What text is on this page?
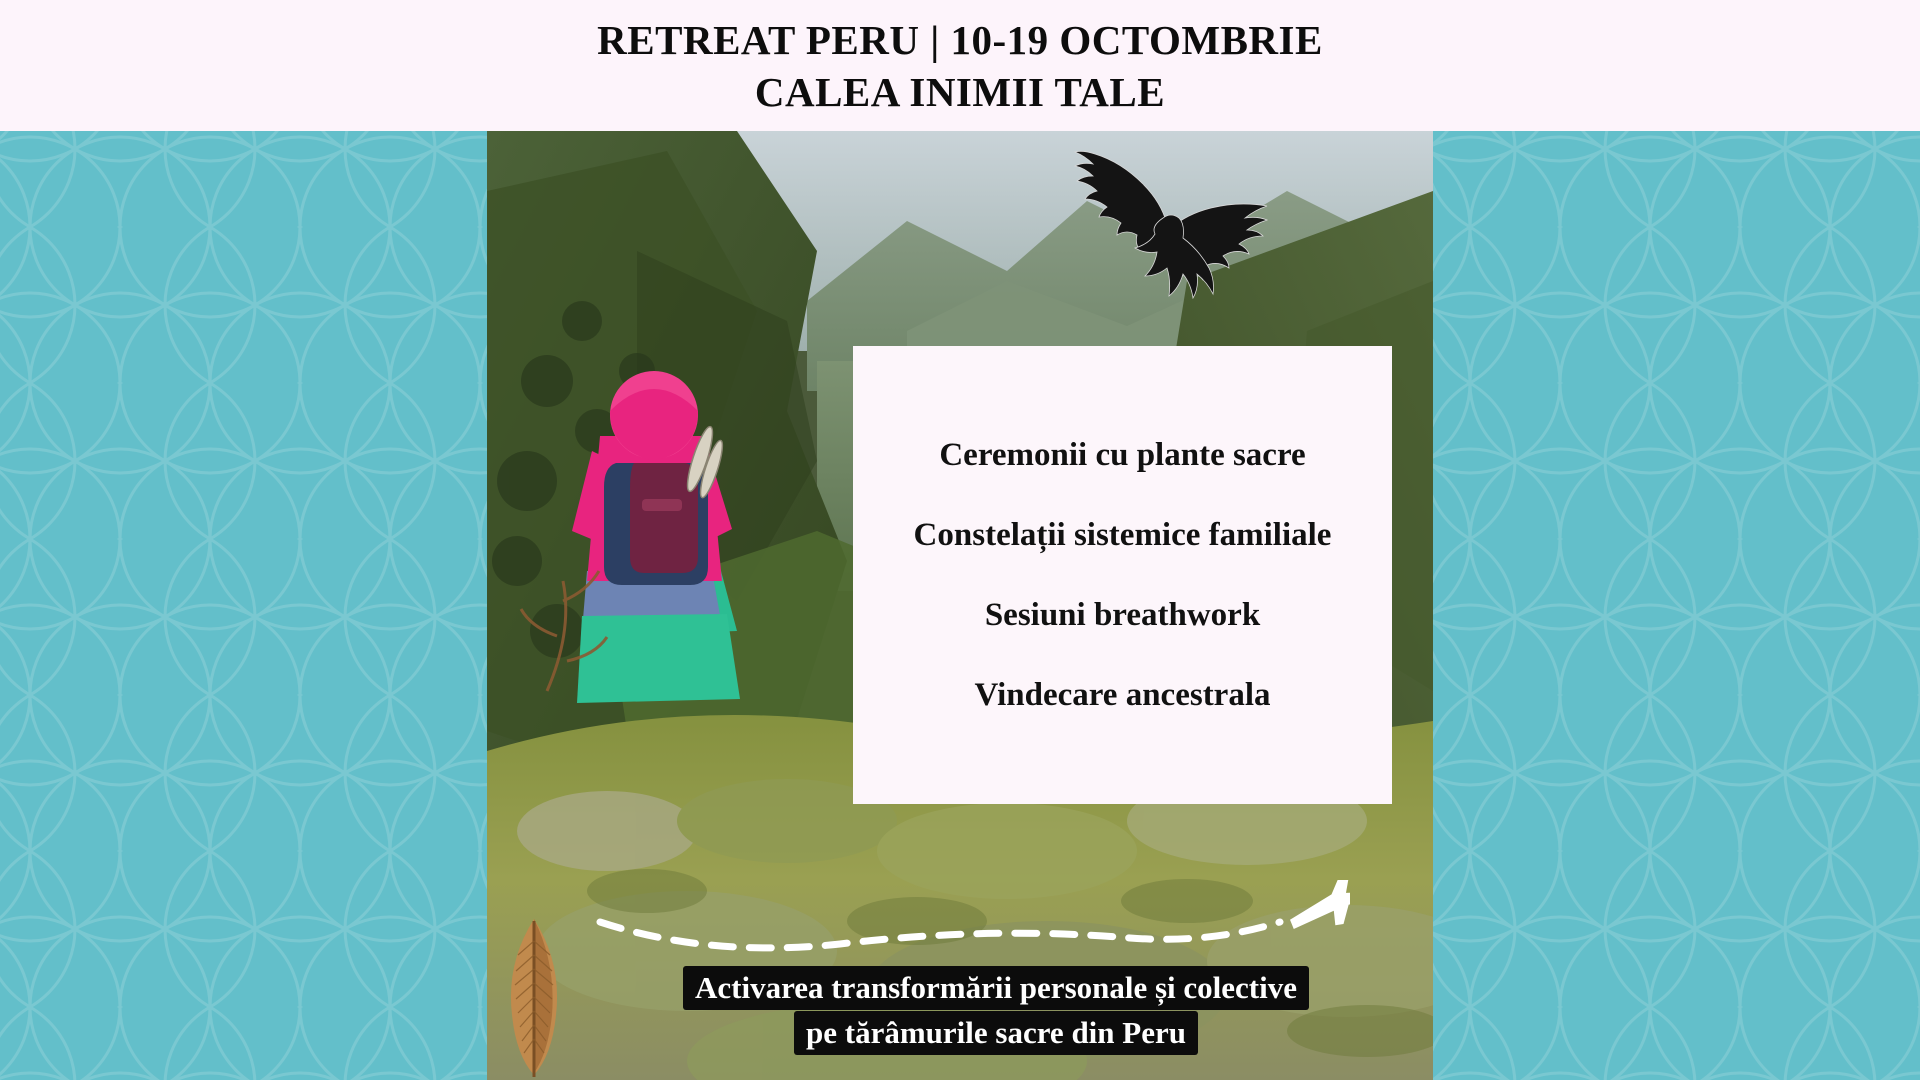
RETREAT PERU | 10-19 OCTOMBRIE
CALEA INIMII TALE
Ceremonii cu plante sacre
Constelații sistemice familiale
Sesiuni breathwork
Vindecare ancestrala
Activarea transformării personale și colective
pe tărâmurile sacre din Peru
